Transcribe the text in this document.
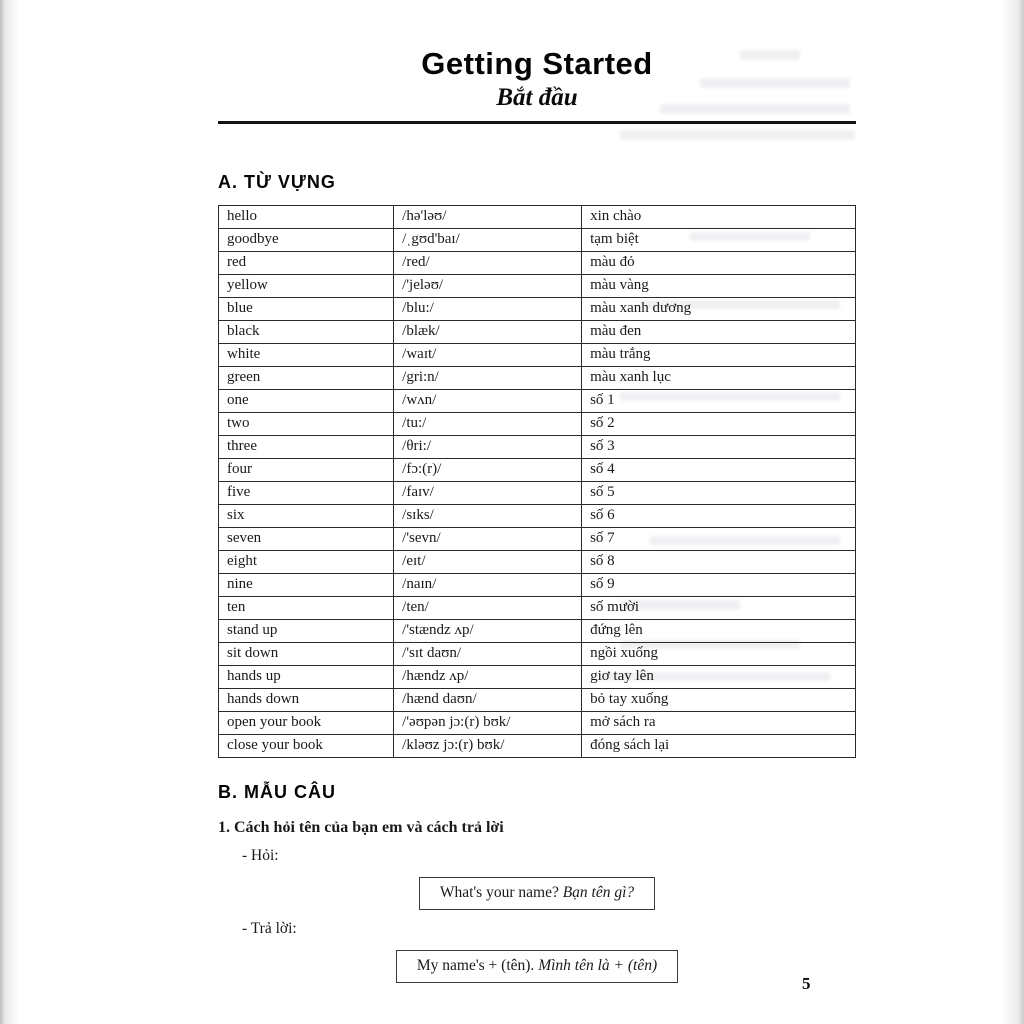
Getting Started
Bắt đầu
A. TỪ VỰNG
hello	/hə'ləʊ/	xin chào
goodbye	/ˌgʊd'baɪ/	tạm biệt
red	/red/	màu đỏ
yellow	/'jeləʊ/	màu vàng
blue	/blu:/	màu xanh dương
black	/blæk/	màu đen
white	/waɪt/	màu trắng
green	/gri:n/	màu xanh lục
one	/wʌn/	số 1
two	/tu:/	số 2
three	/θri:/	số 3
four	/fɔ:(r)/	số 4
five	/faɪv/	số 5
six	/sɪks/	số 6
seven	/'sevn/	số 7
eight	/eɪt/	số 8
nine	/naɪn/	số 9
ten	/ten/	số mười
stand up	/'stændz ʌp/	đứng lên
sit down	/'sɪt daʊn/	ngồi xuống
hands up	/hændz ʌp/	giơ tay lên
hands down	/hænd daʊn/	bỏ tay xuống
open your book	/'əʊpən jɔ:(r) bʊk/	mở sách ra
close your book	/kləʊz jɔ:(r) bʊk/	đóng sách lại
B. MẪU CÂU
1. Cách hỏi tên của bạn em và cách trả lời
- Hỏi:
What's your name? Bạn tên gì?
- Trả lời:
My name's + (tên). Mình tên là + (tên)
5
